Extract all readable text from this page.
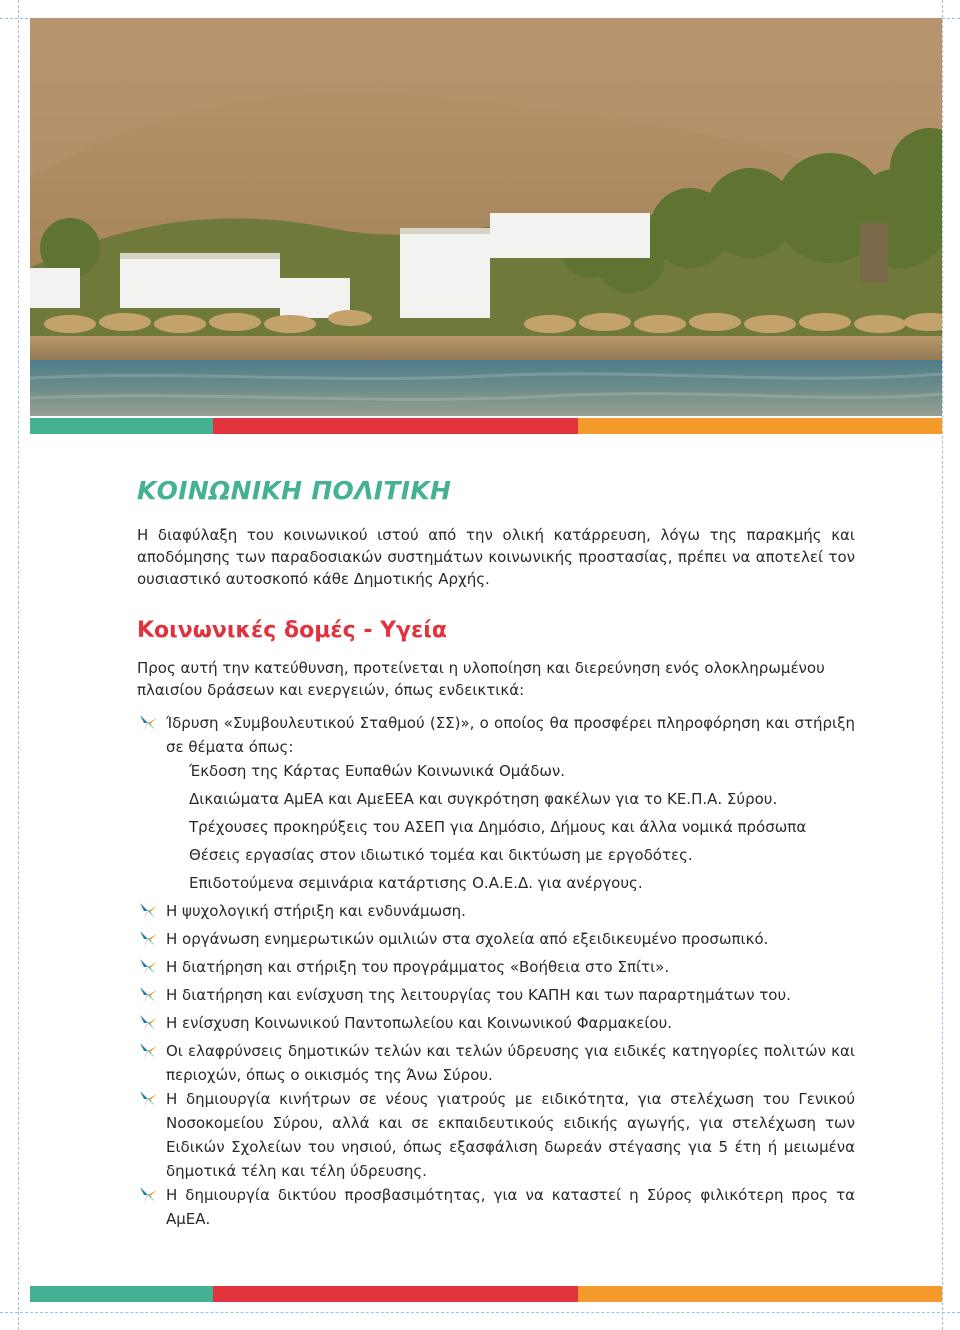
ΚΟΙΝΩΝΙΚΗ ΠΟΛΙΤΙΚΗ

Η διαφύλαξη του κοινωνικού ιστού από την ολική κατάρρευση, λόγω της παρακμής και αποδόμησης των παραδοσιακών συστημάτων κοινωνικής προστασίας, πρέπει να αποτελεί τον ουσιαστικό αυτοσκοπό κάθε Δημοτικής Αρχής.

Κοινωνικές δομές - Υγεία

Προς αυτή την κατεύθυνση, προτείνεται η υλοποίηση και διερεύνηση ενός ολοκληρωμένου πλαισίου δράσεων και ενεργειών, όπως ενδεικτικά:

Ίδρυση «Συμβουλευτικού Σταθμού (ΣΣ)», ο οποίος θα προσφέρει πληροφόρηση και στήριξη σε θέματα όπως:
Έκδοση της Κάρτας Ευπαθών Κοινωνικά Ομάδων.
Δικαιώματα ΑμΕΑ και ΑμεΕΕΑ και συγκρότηση φακέλων για το ΚΕ.Π.Α. Σύρου.
Τρέχουσες προκηρύξεις του ΑΣΕΠ για Δημόσιο, Δήμους και άλλα νομικά πρόσωπα
Θέσεις εργασίας στον ιδιωτικό τομέα και δικτύωση με εργοδότες.
Επιδοτούμενα σεμινάρια κατάρτισης Ο.Α.Ε.Δ. για ανέργους.
Η ψυχολογική στήριξη και ενδυνάμωση.
Η οργάνωση ενημερωτικών ομιλιών στα σχολεία από εξειδικευμένο προσωπικό.
Η διατήρηση και στήριξη του προγράμματος «Βοήθεια στο Σπίτι».
Η διατήρηση και ενίσχυση της λειτουργίας του ΚΑΠΗ και των παραρτημάτων του.
Η ενίσχυση Κοινωνικού Παντοπωλείου και Κοινωνικού Φαρμακείου.
Οι ελαφρύνσεις δημοτικών τελών και τελών ύδρευσης για ειδικές κατηγορίες πολιτών και περιοχών, όπως ο οικισμός της Άνω Σύρου.
Η δημιουργία κινήτρων σε νέους γιατρούς με ειδικότητα, για στελέχωση του Γενικού Νοσοκομείου Σύρου, αλλά και σε εκπαιδευτικούς ειδικής αγωγής, για στελέχωση των Ειδικών Σχολείων του νησιού, όπως εξασφάλιση δωρεάν στέγασης για 5 έτη ή μειωμένα δημοτικά τέλη και τέλη ύδρευσης.
Η δημιουργία δικτύου προσβασιμότητας, για να καταστεί η Σύρος φιλικότερη προς τα ΑμΕΑ.
